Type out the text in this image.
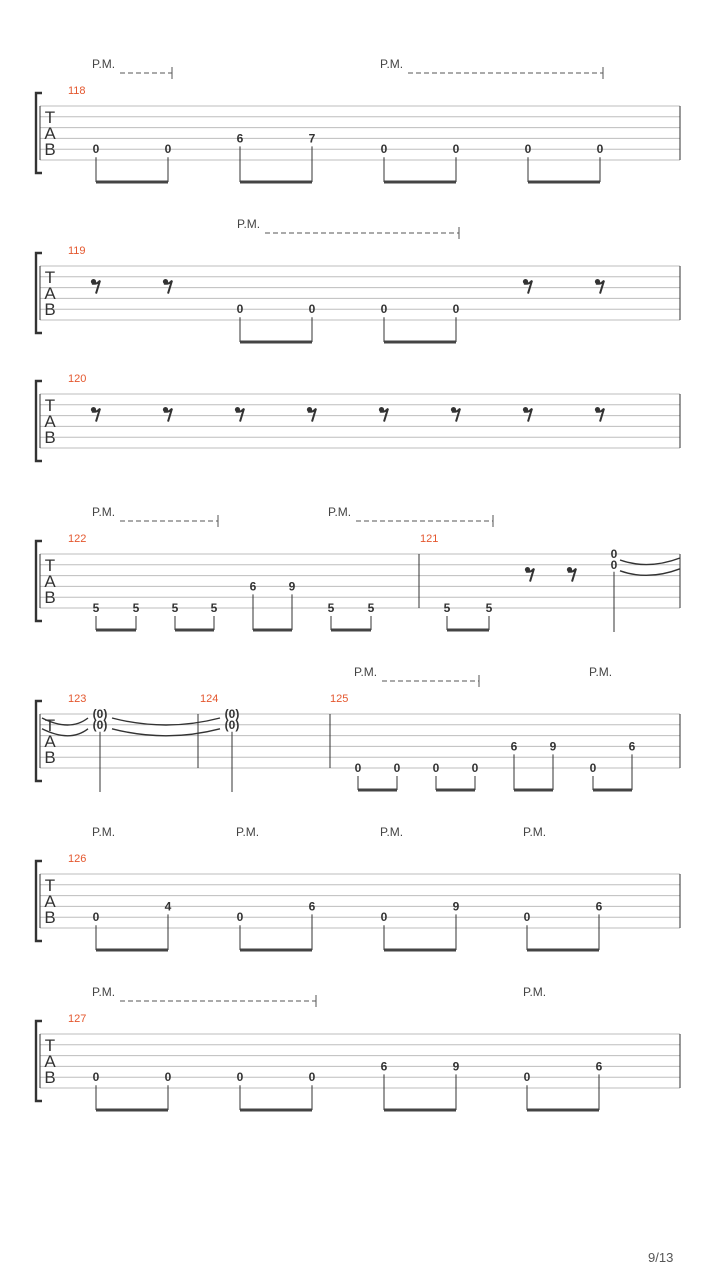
T
A
B
P.M.	P.M.
118
0	0
6	7
0	0	0	0
T
A
B
P.M.
119
0	0	0	0
T
A
B
120
T
A
B
P.M.	P.M.
121
5	5	5	5
6	9
5	5
122
5	5
0
0
T
A
B
P.M.	P.M.
123
(0)
(0)
124
(0)
(0)
125
0	0	0	0
6	9
0
6
T
A
B
P.M.	P.M.	P.M.	P.M.
126
0
4
0
6
0
9
0
6
T
A
B
P.M.	P.M.
127
0	0	0	0
6	9
0
6
9/13
